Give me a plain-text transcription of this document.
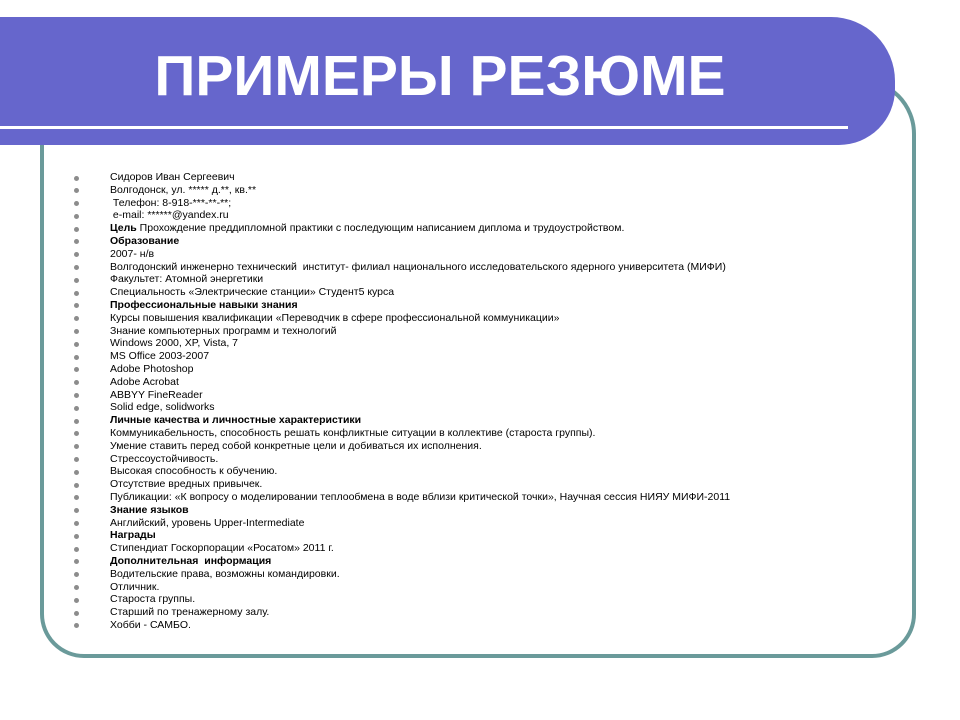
ПРИМЕРЫ РЕЗЮМЕ
Сидоров Иван Сергеевич
Волгодонск, ул. ***** д.**, кв.**
Телефон: 8-918-***-**-**;
e-mail: ******@yandex.ru
Цель Прохождение преддипломной практики с последующим написанием диплома и трудоустройством.
Образование
2007- н/в
Волгодонский инженерно технический  институт- филиал национального исследовательского ядерного университета (МИФИ)
Факультет: Атомной энергетики
Специальность «Электрические станции» Студент5 курса
Профессиональные навыки знания
Курсы повышения квалификации «Переводчик в сфере профессиональной коммуникации»
Знание компьютерных программ и технологий
Windows 2000, XP, Vista, 7
MS Office 2003-2007
Adobe Photoshop
Adobe Acrobat
ABBYY FineReader
Solid edge, solidworks
Личные качества и личностные характеристики
Коммуникабельность, способность решать конфликтные ситуации в коллективе (староста группы).
Умение ставить перед собой конкретные цели и добиваться их исполнения.
Стрессоустойчивость.
Высокая способность к обучению.
Отсутствие вредных привычек.
Публикации: «К вопросу о моделировании теплообмена в воде вблизи критической точки», Научная сессия НИЯУ МИФИ-2011
Знание языков
Английский, уровень Upper-Intermediate
Награды
Стипендиат Госкорпорации «Росатом» 2011 г.
Дополнительная  информация
Водительские права, возможны командировки.
Отличник.
Староста группы.
Старший по тренажерному залу.
Хобби - САМБО.
